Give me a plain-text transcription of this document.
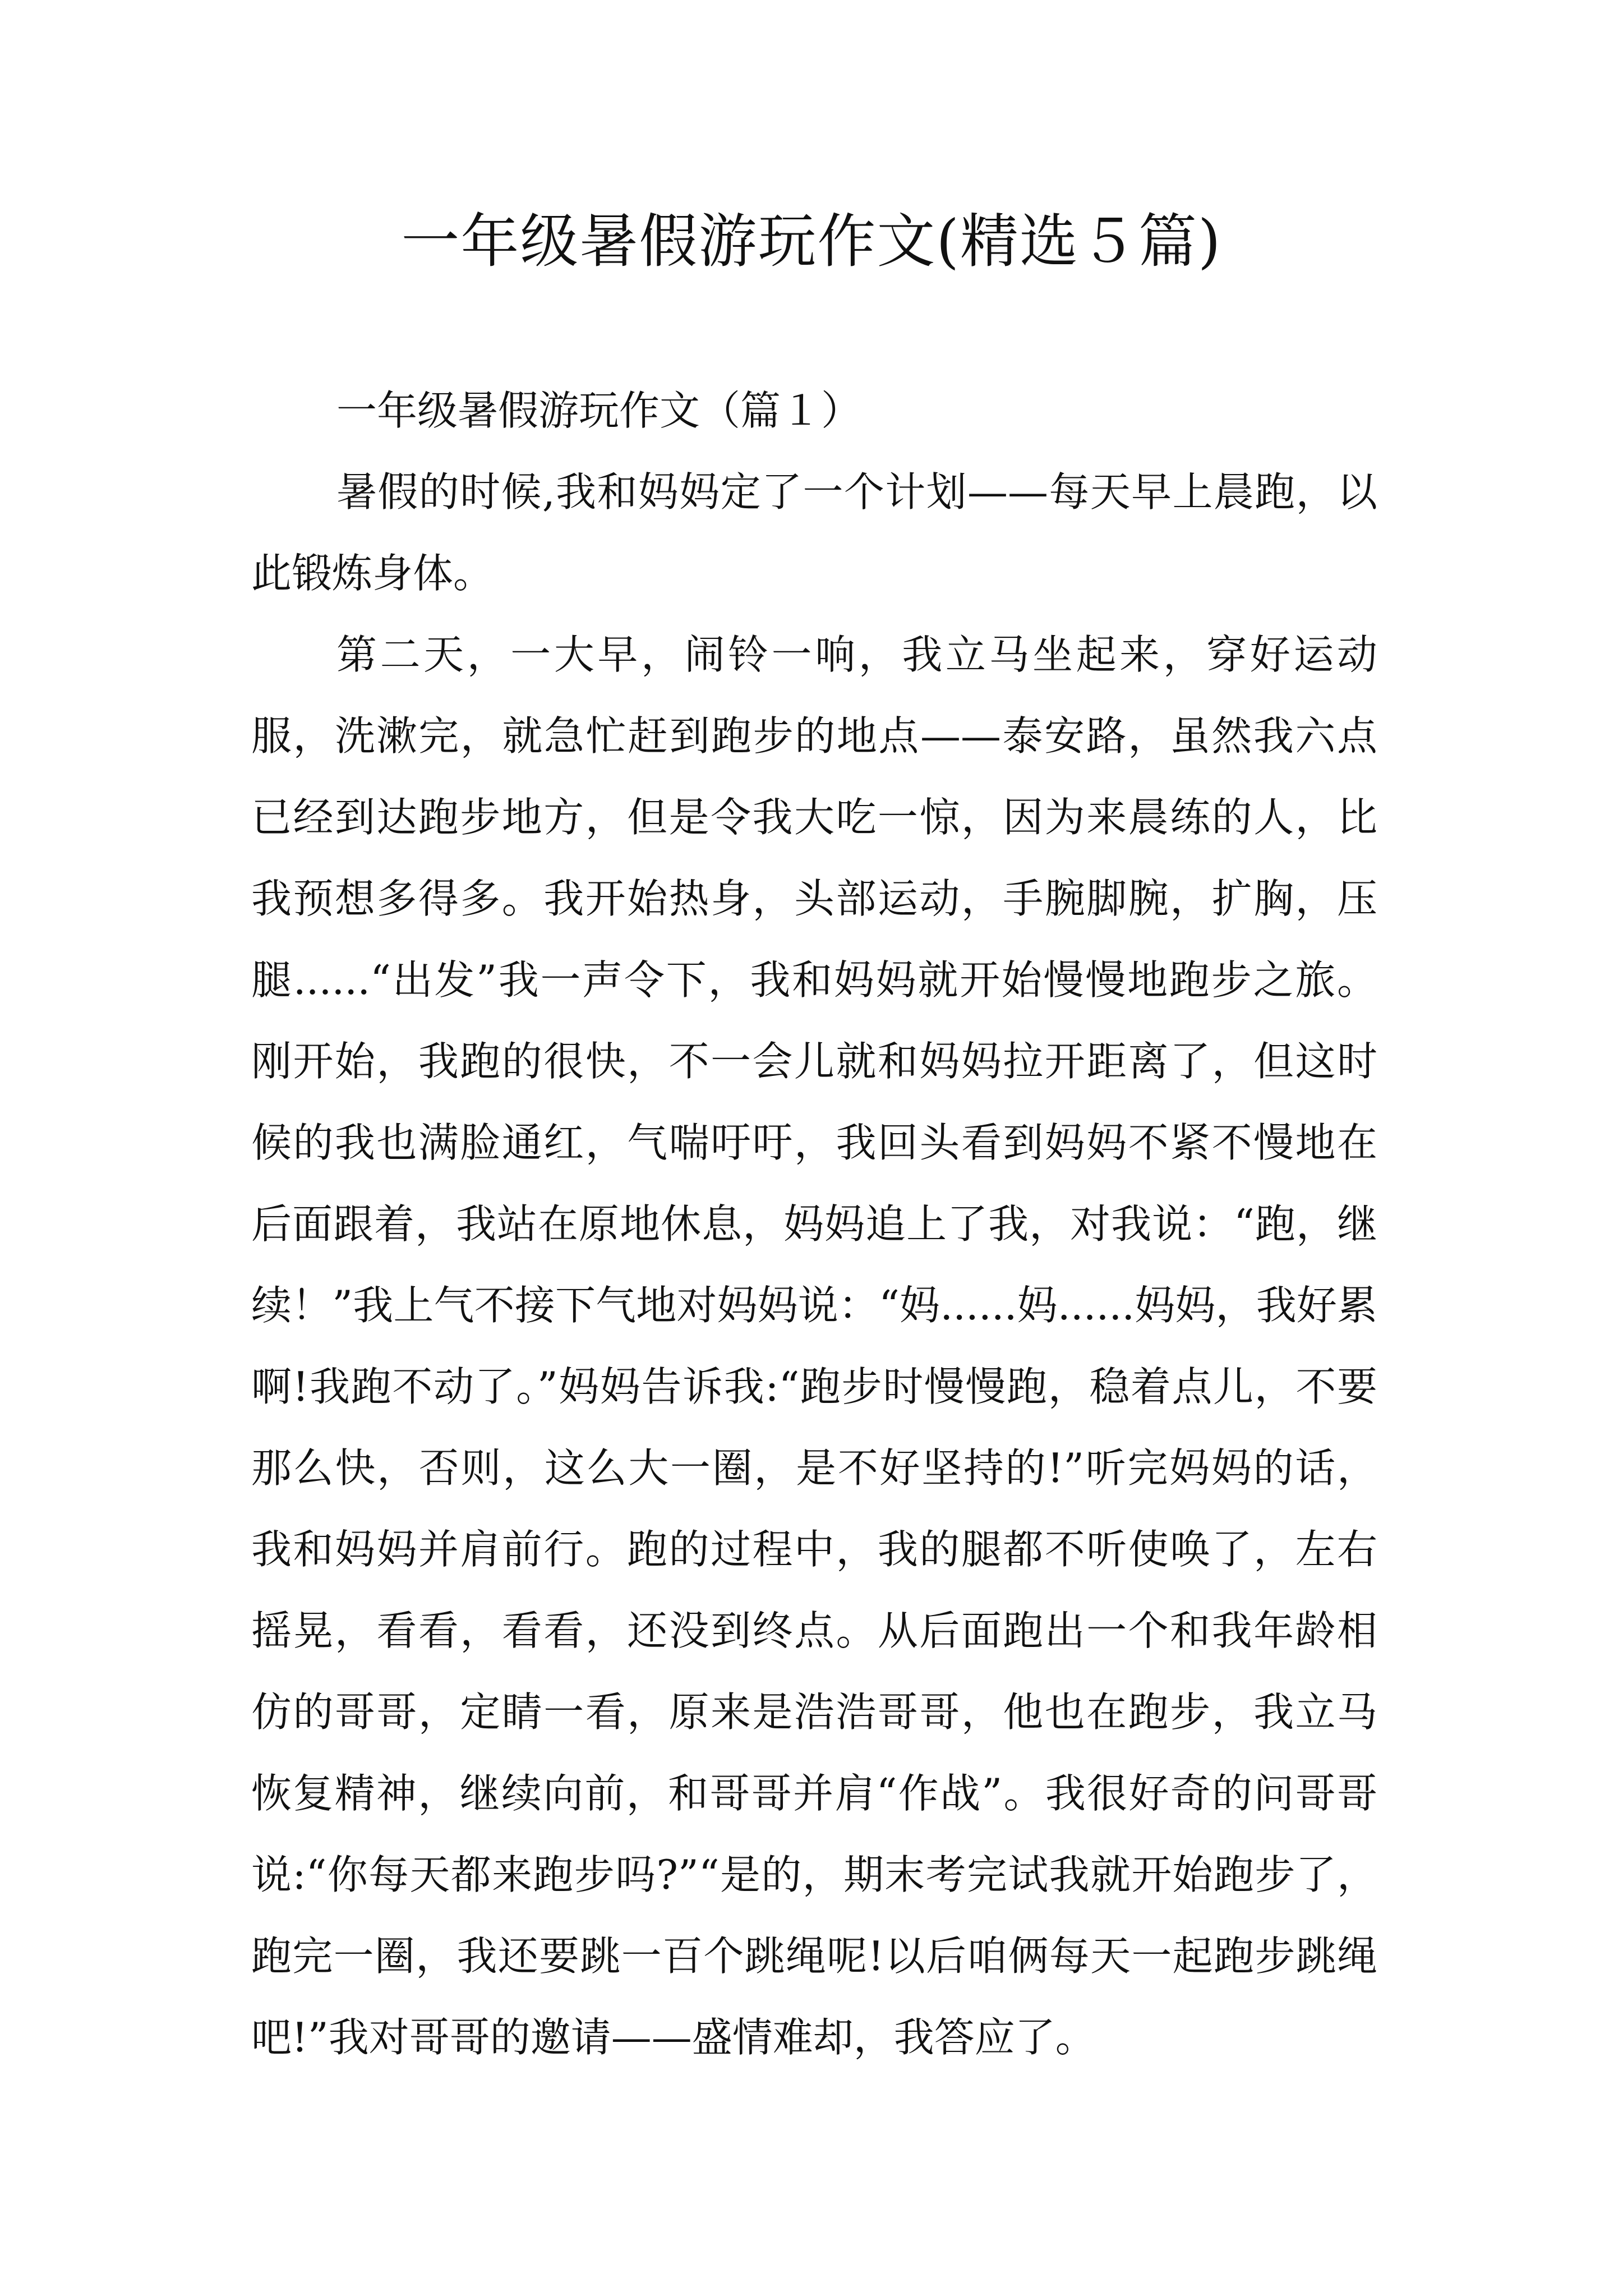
一年级暑假游玩作文(精选５篇)

一年级暑假游玩作文（篇１）

暑假的时候,我和妈妈定了一个计划——每天早上晨跑，以此锻炼身体。

第二天，一大早，闹铃一响，我立马坐起来，穿好运动服，洗漱完，就急忙赶到跑步的地点——泰安路，虽然我六点已经到达跑步地方，但是令我大吃一惊，因为来晨练的人，比我预想多得多。我开始热身，头部运动，手腕脚腕，扩胸，压腿......“出发”我一声令下，我和妈妈就开始慢慢地跑步之旅。刚开始，我跑的很快，不一会儿就和妈妈拉开距离了，但这时候的我也满脸通红，气喘吁吁，我回头看到妈妈不紧不慢地在后面跟着，我站在原地休息，妈妈追上了我，对我说：“跑，继续！”我上气不接下气地对妈妈说：“妈......妈......妈妈，我好累啊!我跑不动了。”妈妈告诉我:“跑步时慢慢跑，稳着点儿，不要那么快，否则，这么大一圈，是不好坚持的!”听完妈妈的话，我和妈妈并肩前行。跑的过程中，我的腿都不听使唤了，左右摇晃，看看，看看，还没到终点。从后面跑出一个和我年龄相仿的哥哥，定睛一看，原来是浩浩哥哥，他也在跑步，我立马恢复精神，继续向前，和哥哥并肩“作战”。我很好奇的问哥哥说:“你每天都来跑步吗?”“是的，期末考完试我就开始跑步了，跑完一圈，我还要跳一百个跳绳呢!以后咱俩每天一起跑步跳绳吧!”我对哥哥的邀请——盛情难却，我答应了。
